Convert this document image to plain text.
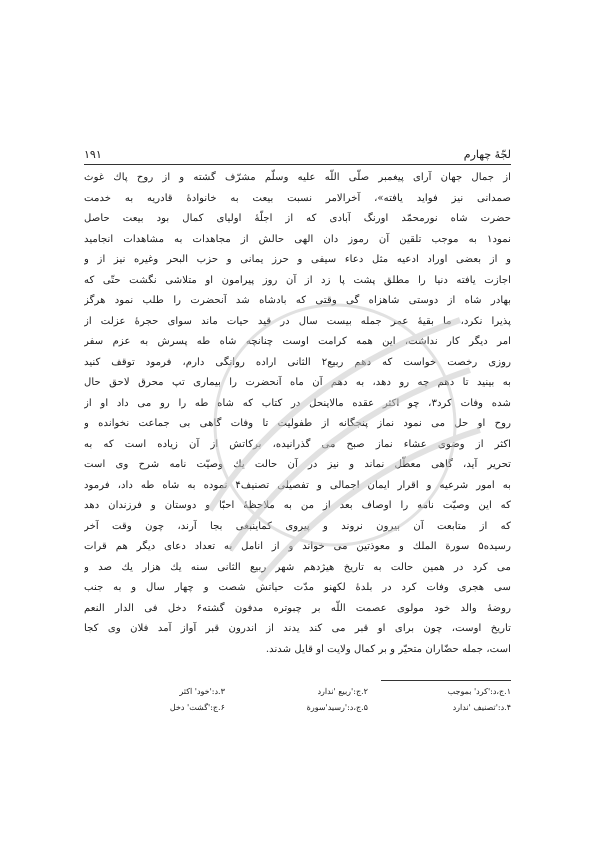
لجّهٔ چهارم
۱۹۱
از جمال جهان آرای پیغمبر صلّی اللّه علیه وسلّم مشرّف گشته و از روح پاك غوث
صمدانی نیز فواید یافته»، آخرالامر نسبت بیعت به خانوادهٔ قادریه به خدمت
حضرت شاه نورمحمّد اورنگ آبادی که از اجلّهٔ اولیای کمال بود بیعت حاصل
نمود۱ به موجب تلقین آن رموز دان الهی حالش از مجاهدات به مشاهدات انجامید
و از بعضی اوراد ادعیه مثل دعاء سیفی و حرز یمانی و حزب البحر وغیره نیز از و
اجازت یافته دنیا را مطلق پشت پا زد از آن روز پیرامون او متلاشی نگشت حتّی که
بهادر شاه از دوستی شاهزاه گی وقتی که بادشاه شد آنحضرت را طلب نمود هرگز
پذیرا نکرد، ما بقیهٔ عمر جمله بیست سال در قید حیات ماند سوای حجرهٔ عزلت از
امر دیگر کار نداشت، این همه کرامت اوست چنانچه شاه طه پسرش به عزم سفر
روزی رخصت خواست که دهم ربیع۲ الثانی اراده روانگی دارم، فرمود توقف کنید
به بینید تا دهم چه رو دهد، به دهم آن ماه آنحضرت را بیماری تپ محرق لاحق حال
شده وفات کرد۳، چو اکثر عقده مالاینحل در کتاب که شاه طه را رو می داد او از
روح او حل می نمود نماز پنجگانه از طفولیت تا وفات گاهی بی جماعت نخوانده و
اکثر از وضوی عشاء نماز صبح می گذرانیده، برکاتش از آن زیاده است که به
تحریر آید، گاهی معطّل نماند و نیز در آن حالت یك وصیّت نامه شرح وی است
به امور شرعیه و اقرار ایمان اجمالی و تفصیلی تصنیف۴ نموده به شاه طه داد، فرمود
که این وصیّت نامه را اوصاف بعد از من به ملاحظهٔ احبّا و دوستان و فرزندان دهد
که از متابعت آن بیرون نروند و پیروی کماینبغی بجا آرند، چون وقت آخر
رسیده۵ سورة الملك و معوذتین می خواند و از انامل به تعداد دعای دیگر هم قرات
می کرد در همین حالت به تاریخ هیژدهم شهر ربیع الثانی سنه یك هزار یك صد و
سی هجری وفات کرد در بلدهٔ لکهنو مدّت حیاتش شصت و چهار سال و به جنب
روضهٔ والد خود مولوی عصمت اللّه بر چبوتره مدفون گشته۶ دخل فی الدار النعم
تاریخ اوست، چون برای او قبر می کند یدند از اندرون قبر آواز آمد فلان وی کجا
است، جمله حضّاران متحیّر و بر کمال ولایت او قایل شدند.
۱.ج،د:'کرد' بموجب
۲.ج:'ربیع 'ندارد
۳.د:'خود' اکثر
۴.د:'تصنیف 'ندارد
۵.ج،د:'رسید'سورة
۶.ج:'گشت' دخل
